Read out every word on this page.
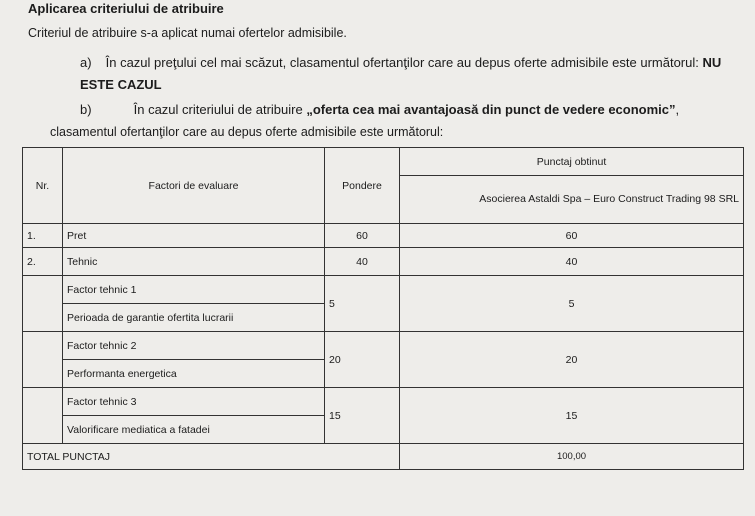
Aplicarea criteriului de atribuire
Criteriul de atribuire s-a aplicat numai ofertelor admisibile.
a) În cazul preţului cel mai scăzut, clasamentul ofertanţilor care au depus oferte admisibile este următorul: NU ESTE CAZUL
b)	În cazul criteriului de atribuire „oferta cea mai avantajoasă din punct de vedere economic”,
clasamentul ofertanţilor care au depus oferte admisibile este următorul:
Nr.	Factori de evaluare	Pondere	Punctaj obtinut
			Asocierea Astaldi Spa – Euro Construct Trading 98 SRL
1.	Pret	60	60
2.	Tehnic	40	40
	Factor tehnic 1	5	5
	Perioada de garantie ofertita lucrarii		
	Factor tehnic 2	20	20
	Performanta energetica		
	Factor tehnic 3	15	15
	Valorificare mediatica a fatadei		
TOTAL PUNCTAJ			100,00
